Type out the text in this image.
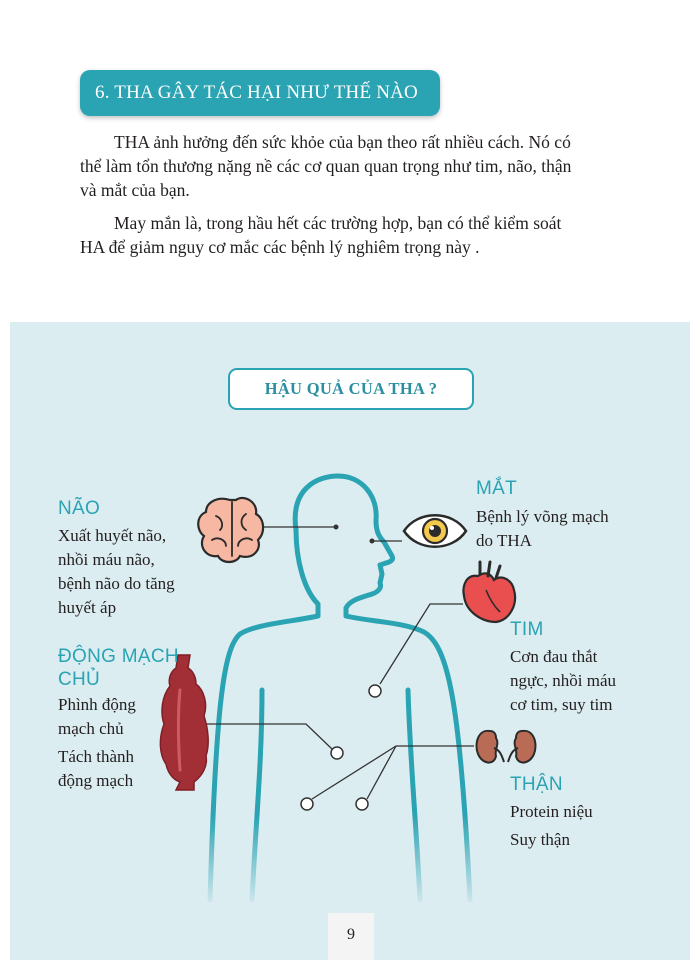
6. THA GÂY TÁC HẠI NHƯ THẾ NÀO
THA ảnh hưởng đến sức khỏe của bạn theo rất nhiều cách. Nó có
thể làm tổn thương nặng nề các cơ quan quan trọng như tim, não, thận
và mắt của bạn.
May mắn là, trong hầu hết các trường hợp, bạn có thể kiểm soát
HA để giảm nguy cơ mắc các bệnh lý nghiêm trọng này .
HẬU QUẢ CỦA THA ?
NÃO
Xuất huyết não,
nhồi máu não,
bệnh não do tăng
huyết áp
ĐỘNG MẠCH
CHỦ
Phình động
mạch chủ
Tách thành
động mạch
MẮT
Bệnh lý võng mạch
do THA
TIM
Cơn đau thắt
ngực, nhồi máu
cơ tim, suy tim
THẬN
Protein niệu
Suy thận
9
